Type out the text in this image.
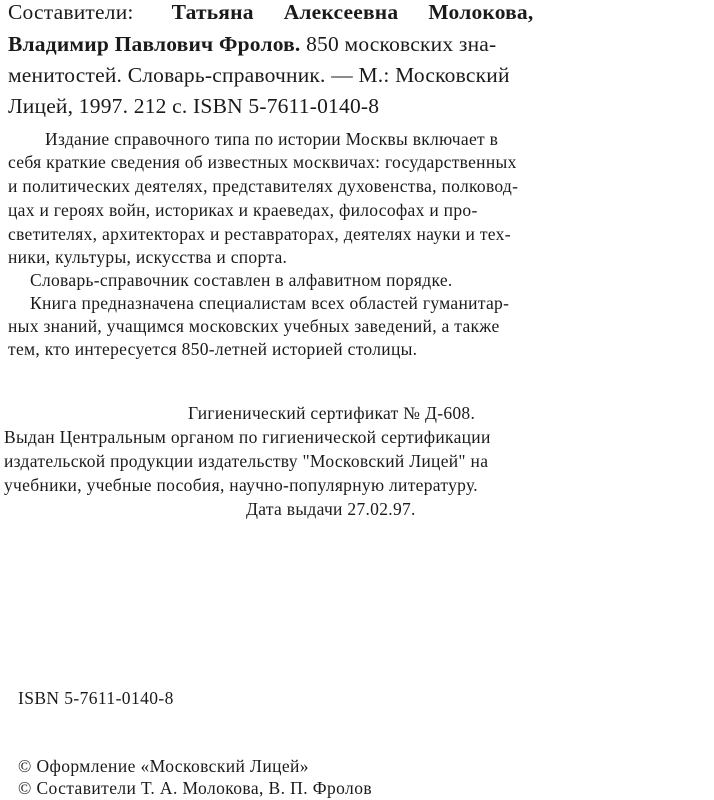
Составители: Татьяна Алексеевна Молокова,
Владимир Павлович Фролов. 850 московских зна-
менитостей. Словарь-справочник. — М.: Московский
Лицей, 1997. 212 с. ISBN 5-7611-0140-8
Издание справочного типа по истории Москвы включает в
себя краткие сведения об известных москвичах: государственных
и политических деятелях, представителях духовенства, полковод-
цах и героях войн, историках и краеведах, философах и про-
светителях, архитекторах и реставраторах, деятелях науки и тех-
ники, культуры, искусства и спорта.
Словарь-справочник составлен в алфавитном порядке.
Книга предназначена специалистам всех областей гуманитар-
ных знаний, учащимся московских учебных заведений, а также
тем, кто интересуется 850-летней историей столицы.
Гигиенический сертификат № Д-608.
Выдан Центральным органом по гигиенической сертификации
издательской продукции издательству "Московский Лицей" на
учебники, учебные пособия, научно-популярную литературу.
Дата выдачи 27.02.97.
ISBN 5-7611-0140-8
© Оформление «Московский Лицей»
© Составители Т. А. Молокова, В. П. Фролов
